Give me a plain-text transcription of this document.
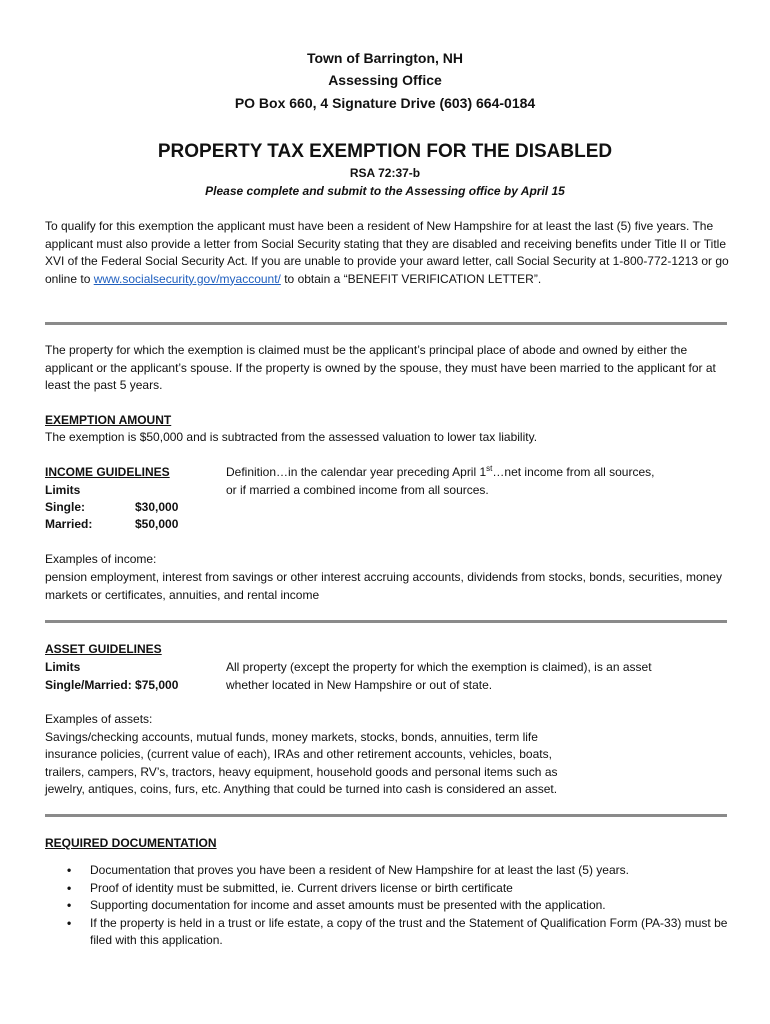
Town of Barrington, NH
Assessing Office
PO Box 660, 4 Signature Drive (603) 664-0184
PROPERTY TAX EXEMPTION FOR THE DISABLED
RSA 72:37-b
Please complete and submit to the Assessing office by April 15
To qualify for this exemption the applicant must have been a resident of New Hampshire for at least the last (5) five years. The applicant must also provide a letter from Social Security stating that they are disabled and receiving benefits under Title II or Title XVI of the Federal Social Security Act. If you are unable to provide your award letter, call Social Security at 1-800-772-1213 or go online to www.socialsecurity.gov/myaccount/ to obtain a “BENEFIT VERIFICATION LETTER”.
The property for which the exemption is claimed must be the applicant’s principal place of abode and owned by either the applicant or the applicant’s spouse. If the property is owned by the spouse, they must have been married to the applicant for at least the past 5 years.
EXEMPTION AMOUNT
The exemption is $50,000 and is subtracted from the assessed valuation to lower tax liability.
INCOME GUIDELINES
Limits
Single:	$30,000
Married:	$50,000
Definition…in the calendar year preceding April 1st…net income from all sources,
or if married a combined income from all sources.
Examples of income:
pension employment, interest from savings or other interest accruing accounts, dividends from stocks, bonds, securities, money markets or certificates, annuities, and rental income
ASSET GUIDELINES
Limits
Single/Married: $75,000
All property (except the property for which the exemption is claimed), is an asset
whether located in New Hampshire or out of state.
Examples of assets:
Savings/checking accounts, mutual funds, money markets, stocks, bonds, annuities, term life
insurance policies, (current value of each), IRAs and other retirement accounts, vehicles, boats,
trailers, campers, RV’s, tractors, heavy equipment, household goods and personal items such as
jewelry, antiques, coins, furs, etc. Anything that could be turned into cash is considered an asset.
REQUIRED DOCUMENTATION
• Documentation that proves you have been a resident of New Hampshire for at least the last (5) years.
• Proof of identity must be submitted, ie. Current drivers license or birth certificate
• Supporting documentation for income and asset amounts must be presented with the application.
• If the property is held in a trust or life estate, a copy of the trust and the Statement of Qualification Form (PA-33) must be filed with this application.
